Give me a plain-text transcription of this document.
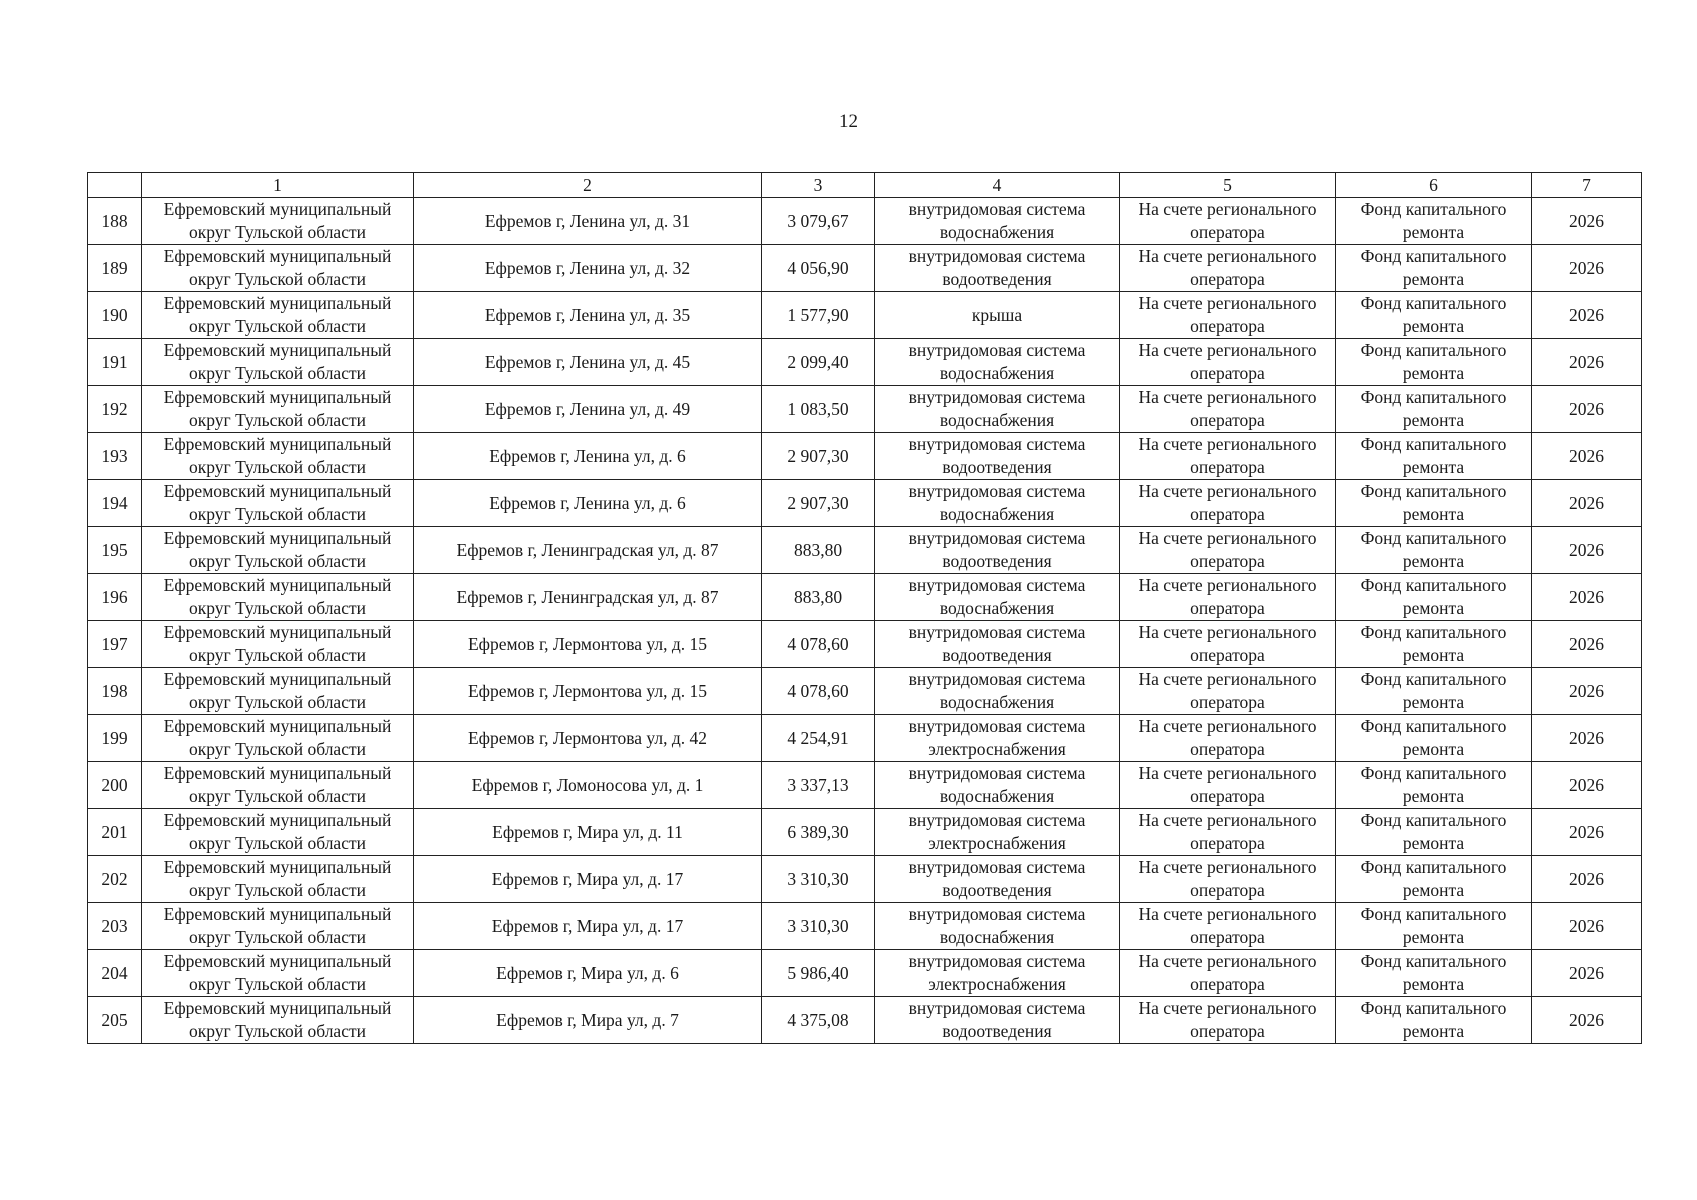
12
	1	2	3	4	5	6	7
188	Ефремовский муниципальный округ Тульской области	Ефремов г, Ленина ул, д. 31	3 079,67	внутридомовая система водоснабжения	На счете регионального оператора	Фонд капитального ремонта	2026
189	Ефремовский муниципальный округ Тульской области	Ефремов г, Ленина ул, д. 32	4 056,90	внутридомовая система водоотведения	На счете регионального оператора	Фонд капитального ремонта	2026
190	Ефремовский муниципальный округ Тульской области	Ефремов г, Ленина ул, д. 35	1 577,90	крыша	На счете регионального оператора	Фонд капитального ремонта	2026
191	Ефремовский муниципальный округ Тульской области	Ефремов г, Ленина ул, д. 45	2 099,40	внутридомовая система водоснабжения	На счете регионального оператора	Фонд капитального ремонта	2026
192	Ефремовский муниципальный округ Тульской области	Ефремов г, Ленина ул, д. 49	1 083,50	внутридомовая система водоснабжения	На счете регионального оператора	Фонд капитального ремонта	2026
193	Ефремовский муниципальный округ Тульской области	Ефремов г, Ленина ул, д. 6	2 907,30	внутридомовая система водоотведения	На счете регионального оператора	Фонд капитального ремонта	2026
194	Ефремовский муниципальный округ Тульской области	Ефремов г, Ленина ул, д. 6	2 907,30	внутридомовая система водоснабжения	На счете регионального оператора	Фонд капитального ремонта	2026
195	Ефремовский муниципальный округ Тульской области	Ефремов г, Ленинградская ул, д. 87	883,80	внутридомовая система водоотведения	На счете регионального оператора	Фонд капитального ремонта	2026
196	Ефремовский муниципальный округ Тульской области	Ефремов г, Ленинградская ул, д. 87	883,80	внутридомовая система водоснабжения	На счете регионального оператора	Фонд капитального ремонта	2026
197	Ефремовский муниципальный округ Тульской области	Ефремов г, Лермонтова ул, д. 15	4 078,60	внутридомовая система водоотведения	На счете регионального оператора	Фонд капитального ремонта	2026
198	Ефремовский муниципальный округ Тульской области	Ефремов г, Лермонтова ул, д. 15	4 078,60	внутридомовая система водоснабжения	На счете регионального оператора	Фонд капитального ремонта	2026
199	Ефремовский муниципальный округ Тульской области	Ефремов г, Лермонтова ул, д. 42	4 254,91	внутридомовая система электроснабжения	На счете регионального оператора	Фонд капитального ремонта	2026
200	Ефремовский муниципальный округ Тульской области	Ефремов г, Ломоносова ул, д. 1	3 337,13	внутридомовая система водоснабжения	На счете регионального оператора	Фонд капитального ремонта	2026
201	Ефремовский муниципальный округ Тульской области	Ефремов г, Мира ул, д. 11	6 389,30	внутридомовая система электроснабжения	На счете регионального оператора	Фонд капитального ремонта	2026
202	Ефремовский муниципальный округ Тульской области	Ефремов г, Мира ул, д. 17	3 310,30	внутридомовая система водоотведения	На счете регионального оператора	Фонд капитального ремонта	2026
203	Ефремовский муниципальный округ Тульской области	Ефремов г, Мира ул, д. 17	3 310,30	внутридомовая система водоснабжения	На счете регионального оператора	Фонд капитального ремонта	2026
204	Ефремовский муниципальный округ Тульской области	Ефремов г, Мира ул, д. 6	5 986,40	внутридомовая система электроснабжения	На счете регионального оператора	Фонд капитального ремонта	2026
205	Ефремовский муниципальный округ Тульской области	Ефремов г, Мира ул, д. 7	4 375,08	внутридомовая система водоотведения	На счете регионального оператора	Фонд капитального ремонта	2026
